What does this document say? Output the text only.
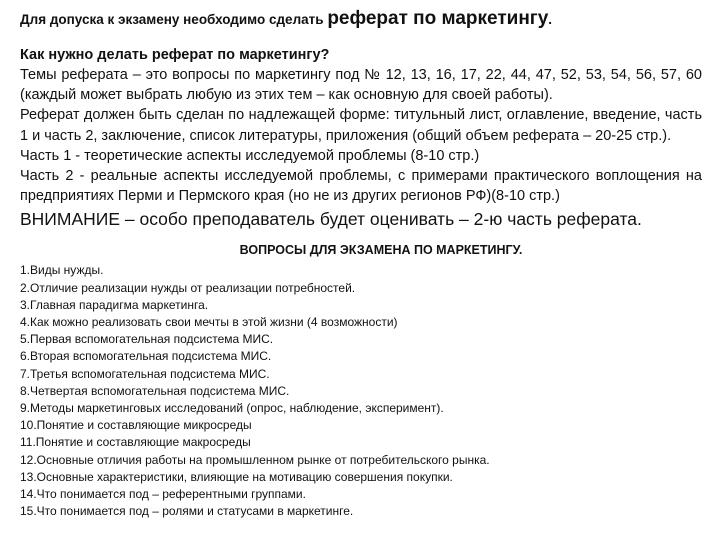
Для допуска к экзамену необходимо сделать реферат по маркетингу.
Как нужно делать реферат по маркетингу?
Темы реферата – это вопросы по маркетингу под № 12, 13, 16, 17, 22, 44, 47, 52, 53, 54, 56, 57, 60 (каждый может выбрать любую из этих тем – как основную для своей работы).
Реферат должен быть сделан по надлежащей форме: титульный лист, оглавление, введение, часть 1 и часть 2, заключение, список литературы, приложения (общий объем реферата – 20-25 стр.).
Часть 1 - теоретические аспекты исследуемой проблемы (8-10 стр.)
Часть 2 - реальные аспекты исследуемой проблемы, с примерами практического воплощения на предприятиях Перми и Пермского края (но не из других регионов РФ)(8-10 стр.)
ВНИМАНИЕ – особо преподаватель будет оценивать – 2-ю часть реферата.
ВОПРОСЫ ДЛЯ ЭКЗАМЕНА ПО МАРКЕТИНГУ.
1.Виды нужды.
2.Отличие реализации нужды от реализации потребностей.
3.Главная парадигма маркетинга.
4.Как можно реализовать свои мечты в этой жизни (4 возможности)
5.Первая вспомогательная подсистема МИС.
6.Вторая вспомогательная подсистема МИС.
7.Третья вспомогательная подсистема МИС.
8.Четвертая вспомогательная подсистема МИС.
9.Методы маркетинговых исследований (опрос, наблюдение, эксперимент).
10.Понятие и составляющие микросреды
11.Понятие и составляющие макросреды
12.Основные отличия работы на промышленном рынке от потребительского рынка.
13.Основные характеристики, влияющие на мотивацию совершения покупки.
14.Что понимается под – референтными группами.
15.Что понимается под – ролями и статусами в маркетинге.
